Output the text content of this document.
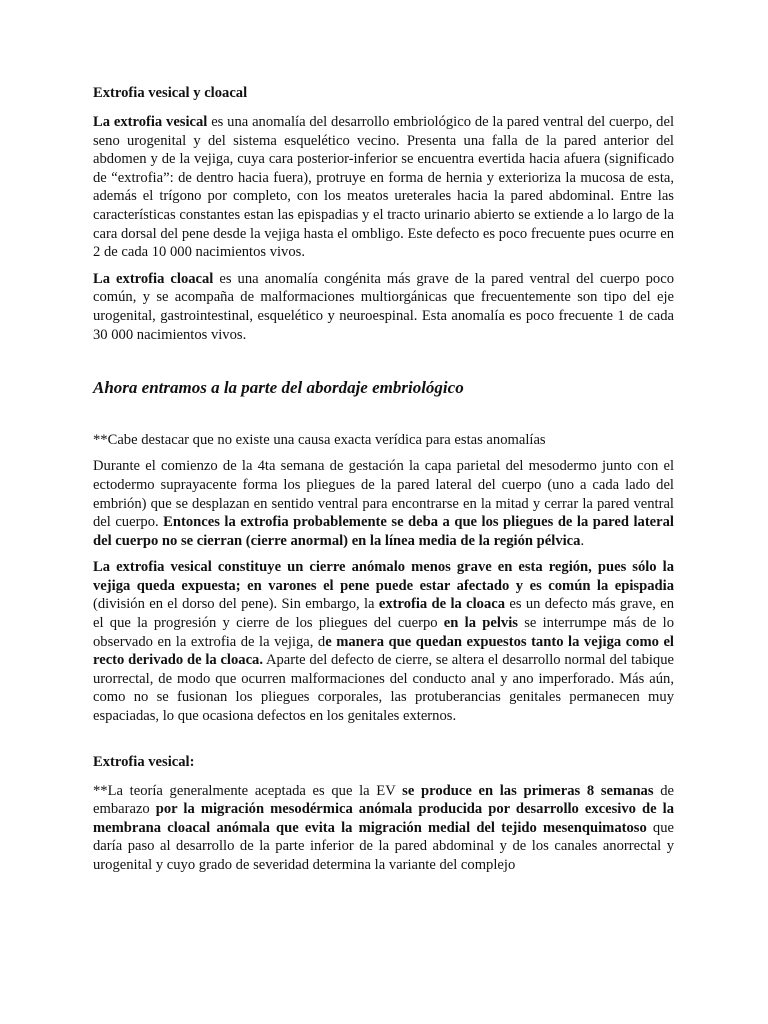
Extrofia vesical y cloacal

La extrofia vesical es una anomalía del desarrollo embriológico de la pared ventral del cuerpo, del seno urogenital y del sistema esquelético vecino. Presenta una falla de la pared anterior del abdomen y de la vejiga, cuya cara posterior-inferior se encuentra evertida hacia afuera (significado de “extrofia”: de dentro hacia fuera), protruye en forma de hernia y exterioriza la mucosa de esta, además el trígono por completo, con los meatos ureterales hacia la pared abdominal. Entre las características constantes estan las epispadias y el tracto urinario abierto se extiende a lo largo de la cara dorsal del pene desde la vejiga hasta el ombligo. Este defecto es poco frecuente pues ocurre en 2 de cada 10 000 nacimientos vivos.

La extrofia cloacal es una anomalía congénita más grave de la pared ventral del cuerpo poco común, y se acompaña de malformaciones multiorgánicas que frecuentemente son tipo del eje urogenital, gastrointestinal, esquelético y neuroespinal. Esta anomalía es poco frecuente 1 de cada 30 000 nacimientos vivos.

Ahora entramos a la parte del abordaje embriológico

**Cabe destacar que no existe una causa exacta verídica para estas anomalías

Durante el comienzo de la 4ta semana de gestación la capa parietal del mesodermo junto con el ectodermo suprayacente forma los pliegues de la pared lateral del cuerpo (uno a cada lado del embrión) que se desplazan en sentido ventral para encontrarse en la mitad y cerrar la pared ventral del cuerpo. Entonces la extrofia probablemente se deba a que los pliegues de la pared lateral del cuerpo no se cierran (cierre anormal) en la línea media de la región pélvica.

La extrofia vesical constituye un cierre anómalo menos grave en esta región, pues sólo la vejiga queda expuesta; en varones el pene puede estar afectado y es común la epispadia (división en el dorso del pene). Sin embargo, la extrofia de la cloaca es un defecto más grave, en el que la progresión y cierre de los pliegues del cuerpo en la pelvis se interrumpe más de lo observado en la extrofia de la vejiga, de manera que quedan expuestos tanto la vejiga como el recto derivado de la cloaca. Aparte del defecto de cierre, se altera el desarrollo normal del tabique urorrectal, de modo que ocurren malformaciones del conducto anal y ano imperforado. Más aún, como no se fusionan los pliegues corporales, las protuberancias genitales permanecen muy espaciadas, lo que ocasiona defectos en los genitales externos.

Extrofia vesical:

**La teoría generalmente aceptada es que la EV se produce en las primeras 8 semanas de embarazo por la migración mesodérmica anómala producida por desarrollo excesivo de la membrana cloacal anómala que evita la migración medial del tejido mesenquimatoso que daría paso al desarrollo de la parte inferior de la pared abdominal y de los canales anorrectal y urogenital y cuyo grado de severidad determina la variante del complejo
